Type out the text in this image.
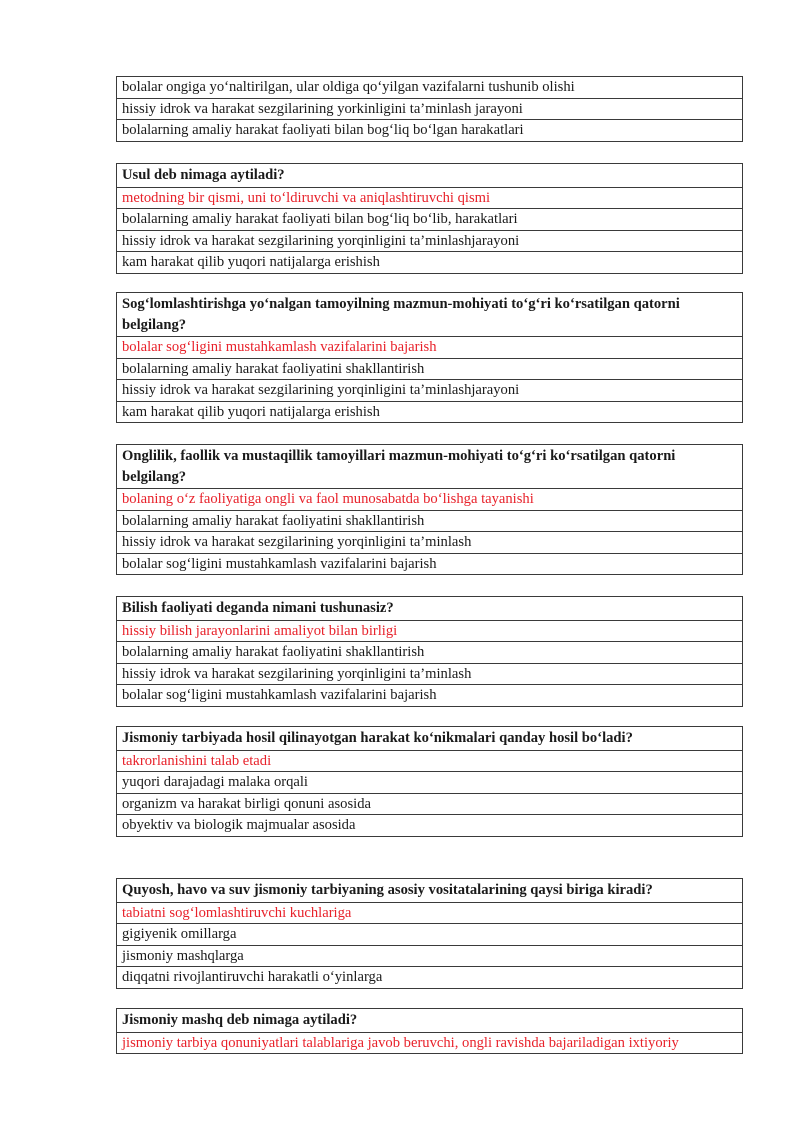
bolalar ongiga yo‘naltirilgan, ular oldiga qo‘yilgan vazifalarni tushunib olishi
hissiy idrok va harakat sezgilarining yorkinligini ta’minlash jarayoni
bolalarning amaliy harakat faoliyati bilan bog‘liq bo‘lgan harakatlari
Usul deb nimaga aytiladi?
metodning bir qismi, uni to‘ldiruvchi va aniqlashtiruvchi qismi
bolalarning amaliy harakat faoliyati bilan bog‘liq bo‘lib, harakatlari
hissiy idrok va harakat sezgilarining yorqinligini ta’minlashjarayoni
kam harakat qilib yuqori natijalarga erishish
Sog‘lomlashtirishga yo‘nalgan tamoyilning mazmun-mohiyati to‘g‘ri ko‘rsatilgan qatorni belgilang?
bolalar sog‘ligini mustahkamlash vazifalarini bajarish
bolalarning amaliy harakat faoliyatini shakllantirish
hissiy idrok va harakat sezgilarining yorqinligini ta’minlashjarayoni
kam harakat qilib yuqori natijalarga erishish
Onglilik, faollik va mustaqillik tamoyillari mazmun-mohiyati to‘g‘ri ko‘rsatilgan qatorni belgilang?
bolaning o‘z faoliyatiga ongli va faol munosabatda bo‘lishga tayanishi
bolalarning amaliy harakat faoliyatini shakllantirish
hissiy idrok va harakat sezgilarining yorqinligini ta’minlash
bolalar sog‘ligini mustahkamlash vazifalarini bajarish
Bilish faoliyati deganda nimani tushunasiz?
hissiy bilish jarayonlarini amaliyot bilan birligi
bolalarning amaliy harakat faoliyatini shakllantirish
hissiy idrok va harakat sezgilarining yorqinligini ta’minlash
bolalar sog‘ligini mustahkamlash vazifalarini bajarish
Jismoniy tarbiyada hosil qilinayotgan harakat ko‘nikmalari qanday hosil bo‘ladi?
takrorlanishini talab etadi
yuqori darajadagi malaka orqali
organizm va harakat birligi qonuni asosida
obyektiv va biologik majmualar asosida
Quyosh, havo va suv jismoniy tarbiyaning asosiy vositatalarining qaysi biriga kiradi?
tabiatni sog‘lomlashtiruvchi kuchlariga
gigiyenik omillarga
jismoniy mashqlarga
diqqatni rivojlantiruvchi harakatli o‘yinlarga
Jismoniy mashq deb nimaga aytiladi?
jismoniy tarbiya qonuniyatlari talablariga javob beruvchi, ongli ravishda bajariladigan ixtiyoriy
